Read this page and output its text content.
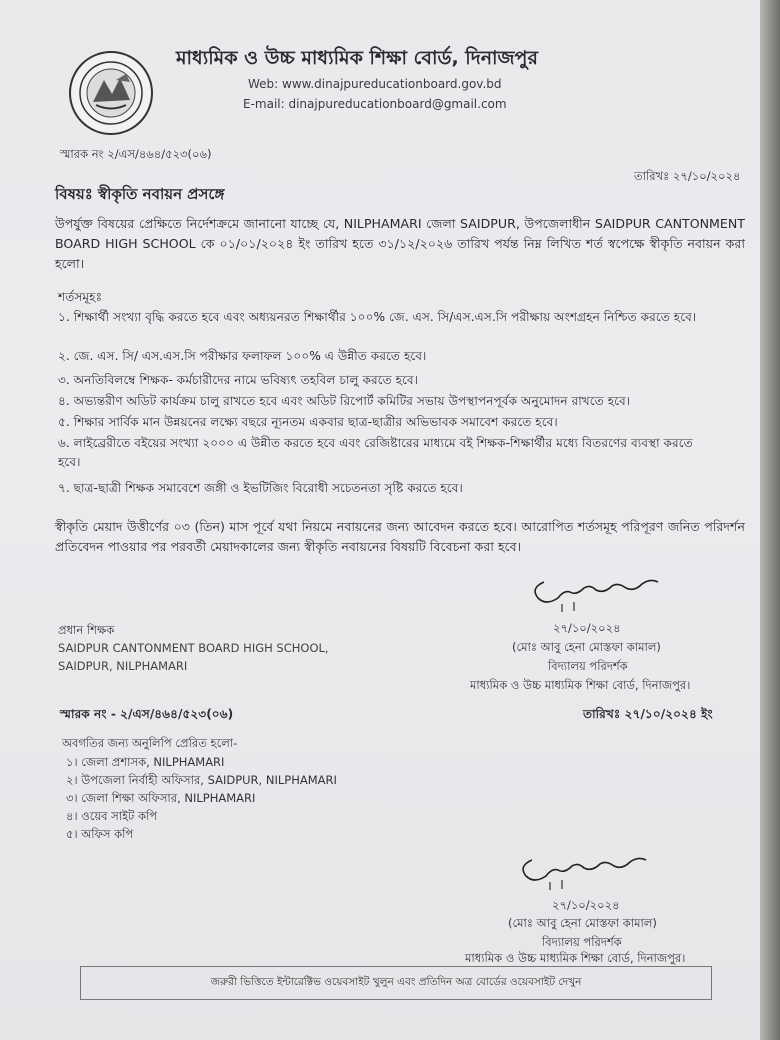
মাধ্যমিক ও উচ্চ মাধ্যমিক শিক্ষা বোর্ড, দিনাজপুর
Web: www.dinajpureducationboard.gov.bd
E-mail: dinajpureducationboard@gmail.com
স্মারক নং ২/এস/৪৬৪/৫২৩(০৬)
তারিখঃ ২৭/১০/২০২৪
বিষয়ঃ স্বীকৃতি নবায়ন প্রসঙ্গে
উপর্যুক্ত বিষয়ের প্রেক্ষিতে নির্দেশক্রমে জানানো যাচ্ছে যে, NILPHAMARI জেলা SAIDPUR, উপজেলাধীন SAIDPUR CANTONMENT BOARD HIGH SCHOOL কে ০১/০১/২০২৪ ইং তারিখ হতে ৩১/১২/২০২৬ তারিখ পর্যন্ত নিম্ন লিখিত শর্ত স্বপেক্ষে স্বীকৃতি নবায়ন করা হলো।
শর্তসমূহঃ
১. শিক্ষার্থী সংখ্যা বৃদ্ধি করতে হবে এবং অধ্যয়নরত শিক্ষার্থীর ১০০% জে. এস. সি/এস.এস.সি পরীক্ষায় অংশগ্রহন নিশ্চিত করতে হবে।
২. জে. এস. সি/ এস.এস.সি পরীক্ষার ফলাফল ১০০% এ উন্নীত করতে হবে।
৩. অনতিবিলম্বে শিক্ষক- কর্মচারীদের নামে ভবিষ্যৎ তহবিল চালু করতে হবে।
৪. অভ্যন্তরীণ অডিট কার্যক্রম চালু রাখতে হবে এবং অডিট রিপোর্ট কমিটির সভায় উপস্থাপনপূর্বক অনুমোদন রাখতে হবে।
৫. শিক্ষার সার্বিক মান উন্নয়নের লক্ষ্যে বছরে ন্যূনতম একবার ছাত্র-ছাত্রীর অভিভাবক সমাবেশ করতে হবে।
৬. লাইব্রেরীতে বইয়ের সংখ্যা ২০০০ এ উন্নীত করতে হবে এবং রেজিষ্টারের মাধ্যমে বই শিক্ষক-শিক্ষার্থীর মধ্যে বিতরণের ব্যবস্থা করতে হবে।
৭. ছাত্র-ছাত্রী শিক্ষক সমাবেশে জঙ্গী ও ইভটিজিং বিরোধী সচেতনতা সৃষ্টি করতে হবে।
স্বীকৃতি মেয়াদ উত্তীর্ণের ০৩ (তিন) মাস পূর্বে যথা নিয়মে নবায়নের জন্য আবেদন করতে হবে। আরোপিত শর্তসমূহ পরিপূরণ জনিত পরিদর্শন প্রতিবেদন পাওয়ার পর পরবর্তী মেয়াদকালের জন্য স্বীকৃতি নবায়নের বিষয়টি বিবেচনা করা হবে।
প্রধান শিক্ষক
SAIDPUR CANTONMENT BOARD HIGH SCHOOL,
SAIDPUR, NILPHAMARI
২৭/১০/২০২৪
(মোঃ আবু হেনা মোস্তফা কামাল)
বিদ্যালয় পরিদর্শক
মাধ্যমিক ও উচ্চ মাধ্যমিক শিক্ষা বোর্ড, দিনাজপুর।
স্মারক নং - ২/এস/৪৬৪/৫২৩(০৬)	তারিখঃ ২৭/১০/২০২৪ ইং
অবগতির জন্য অনুলিপি প্রেরিত হলো-
১। জেলা প্রশাসক, NILPHAMARI
২। উপজেলা নির্বাহী অফিসার, SAIDPUR, NILPHAMARI
৩। জেলা শিক্ষা অফিসার, NILPHAMARI
৪। ওয়েব সাইট কপি
৫। অফিস কপি
২৭/১০/২০২৪
(মোঃ আবু হেনা মোস্তফা কামাল)
বিদ্যালয় পরিদর্শক
মাধ্যমিক ও উচ্চ মাধ্যমিক শিক্ষা বোর্ড, দিনাজপুর।
জরুরী ভিত্তিতে ইন্টারেক্টিভ ওয়েবসাইট খুলুন এবং প্রতিদিন অত্র বোর্ডের ওয়েবসাইট দেখুন
